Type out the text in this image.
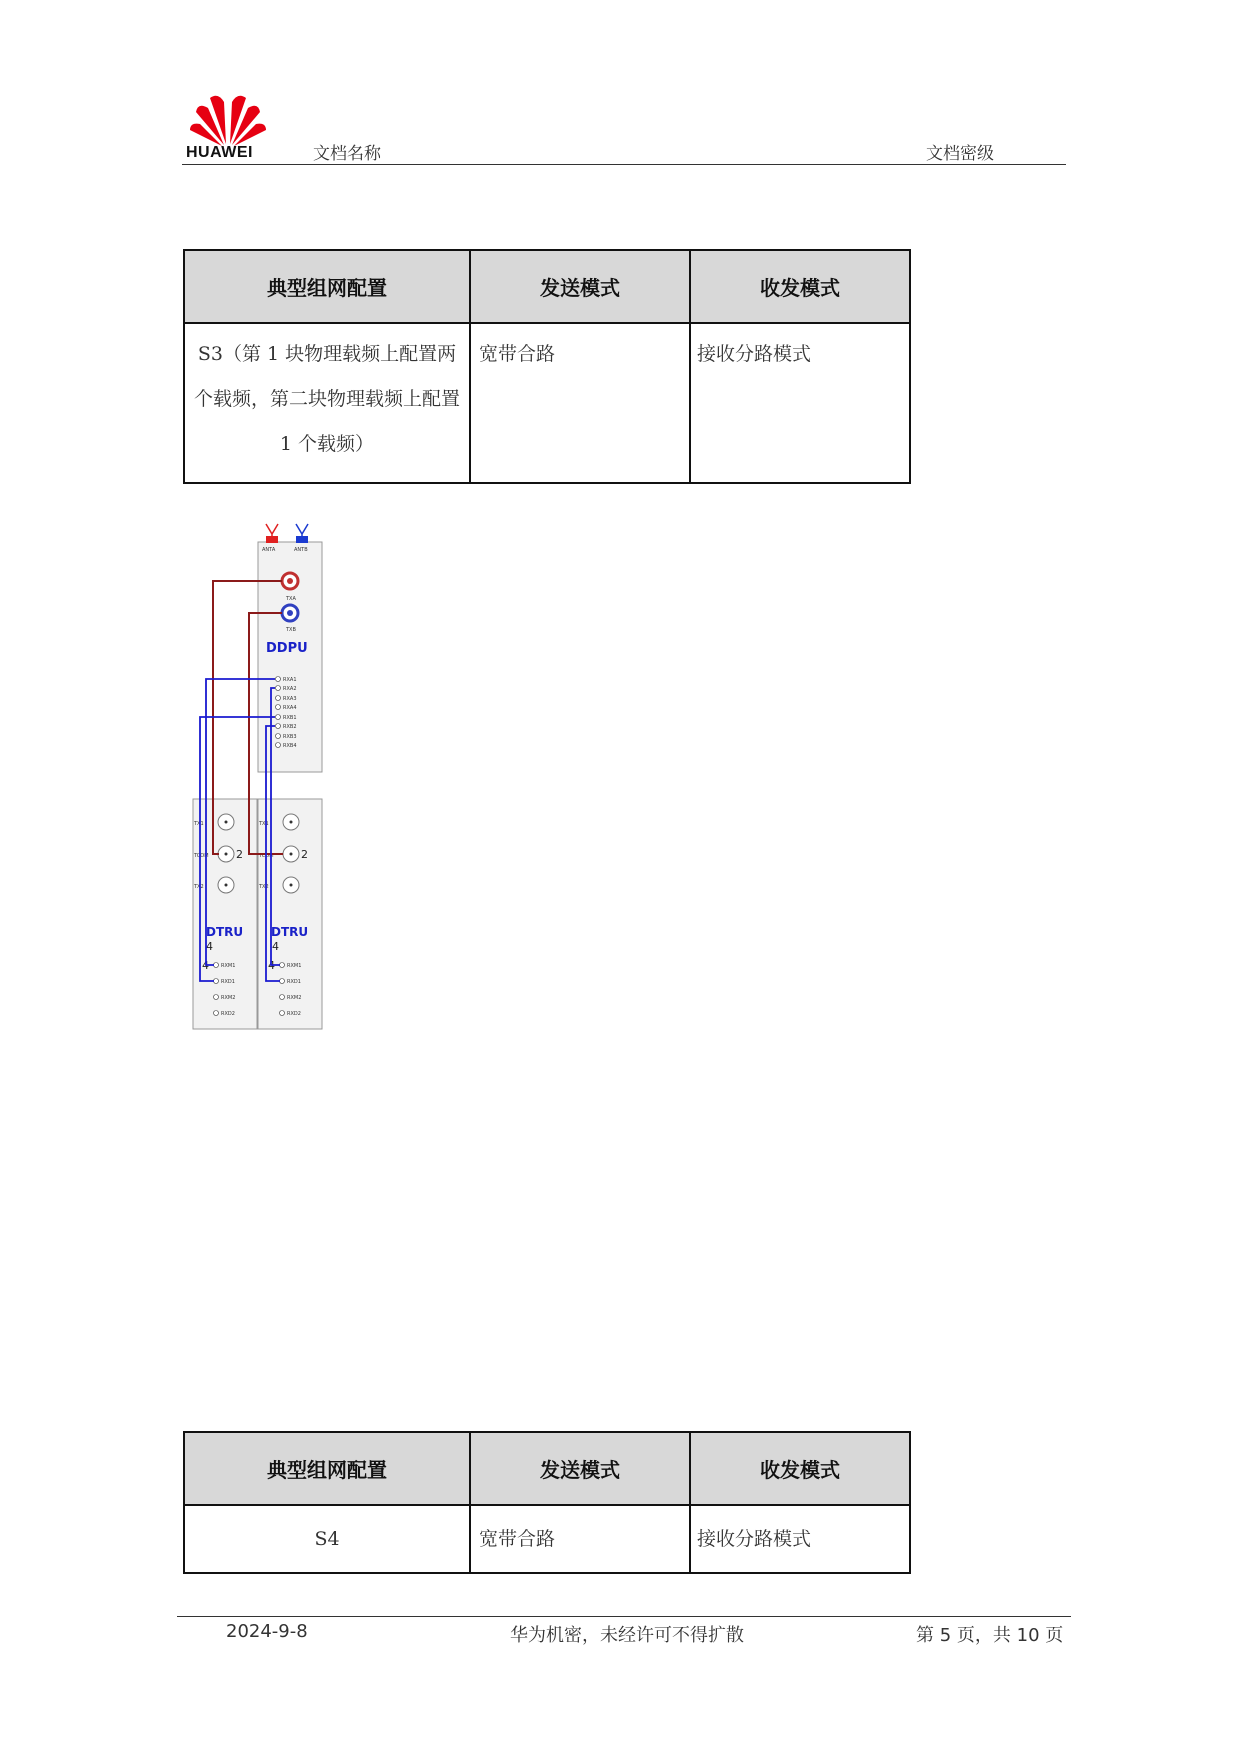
HUAWEI	文档名称	文档密级
典型组网配置	发送模式	收发模式
S3（第 1 块物理载频上配置两个载频，第二块物理载频上配置 1 个载频）	宽带合路	接收分路模式
ANTA	ANTB
TXA
TXB
DDPU
RXA1
RXA2
RXA3
RXA4
RXB1
RXB2
RXB3
RXB4
TX1
TCOM 2
TX2
DTRU
4
4 RXM1
RXD1
RXM2
RXD2
TX1
TCOM 2
TX2
DTRU
4
4 RXM1
RXD1
RXM2
RXD2
典型组网配置	发送模式	收发模式
S4	宽带合路	接收分路模式
2024-9-8	华为机密，未经许可不得扩散	第 5 页，共 10 页
